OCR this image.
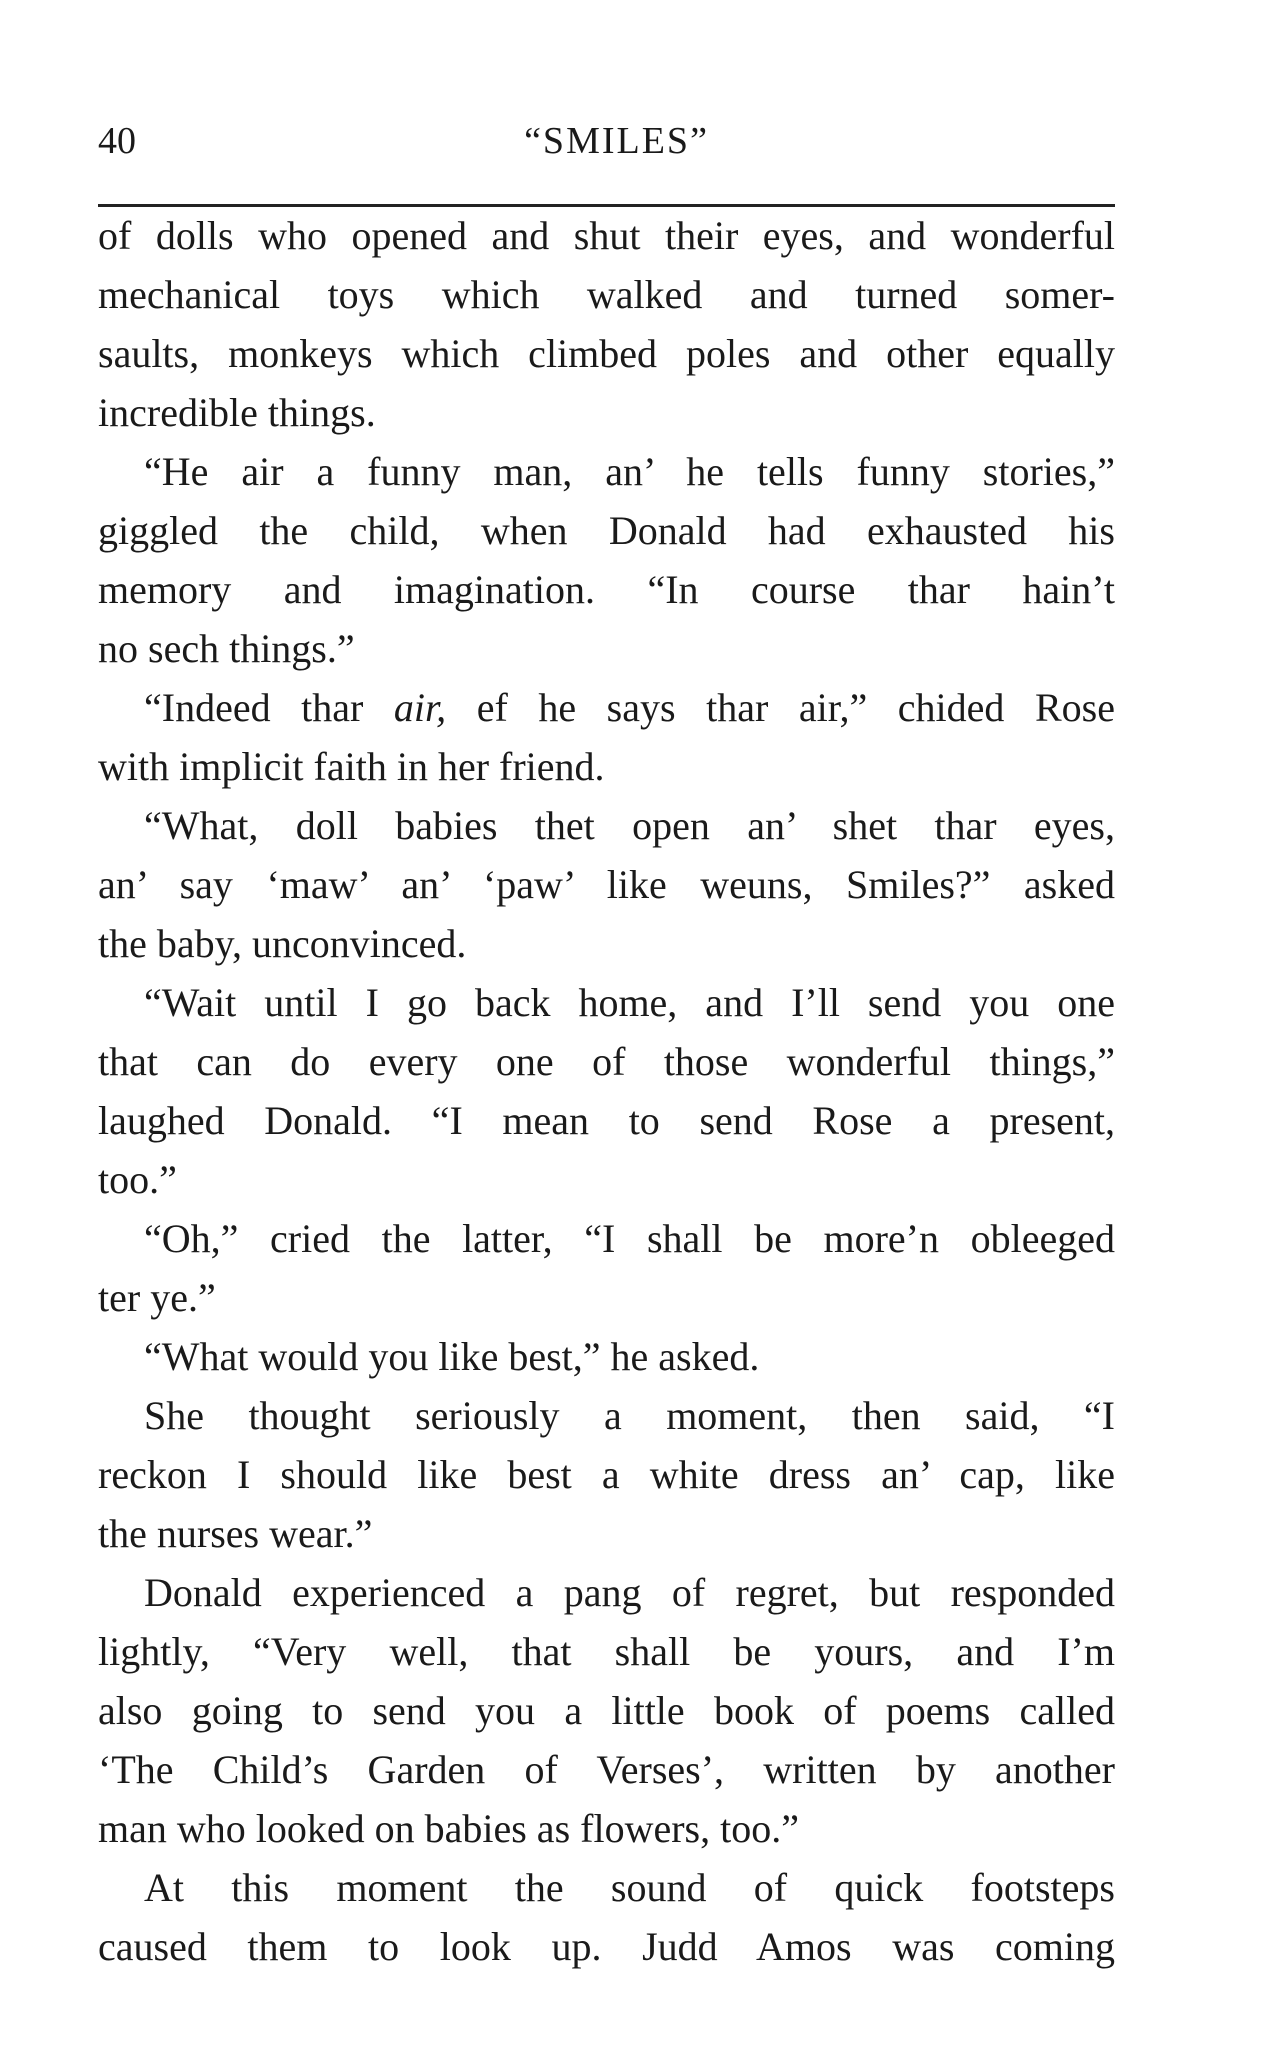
40	“SMILES”
of dolls who opened and shut their eyes, and wonderful
mechanical toys which walked and turned somer-
saults, monkeys which climbed poles and other equally
incredible things.
“He air a funny man, an’ he tells funny stories,”
giggled the child, when Donald had exhausted his
memory and imagination. “In course thar hain’t
no sech things.”
“Indeed thar air, ef he says thar air,” chided Rose
with implicit faith in her friend.
“What, doll babies thet open an’ shet thar eyes,
an’ say ‘maw’ an’ ‘paw’ like weuns, Smiles?” asked
the baby, unconvinced.
“Wait until I go back home, and I’ll send you one
that can do every one of those wonderful things,”
laughed Donald. “I mean to send Rose a present,
too.”
“Oh,” cried the latter, “I shall be more’n obleeged
ter ye.”
“What would you like best,” he asked.
She thought seriously a moment, then said, “I
reckon I should like best a white dress an’ cap, like
the nurses wear.”
Donald experienced a pang of regret, but responded
lightly, “Very well, that shall be yours, and I’m
also going to send you a little book of poems called
‘The Child’s Garden of Verses’, written by another
man who looked on babies as flowers, too.”
At this moment the sound of quick footsteps
caused them to look up. Judd Amos was coming
